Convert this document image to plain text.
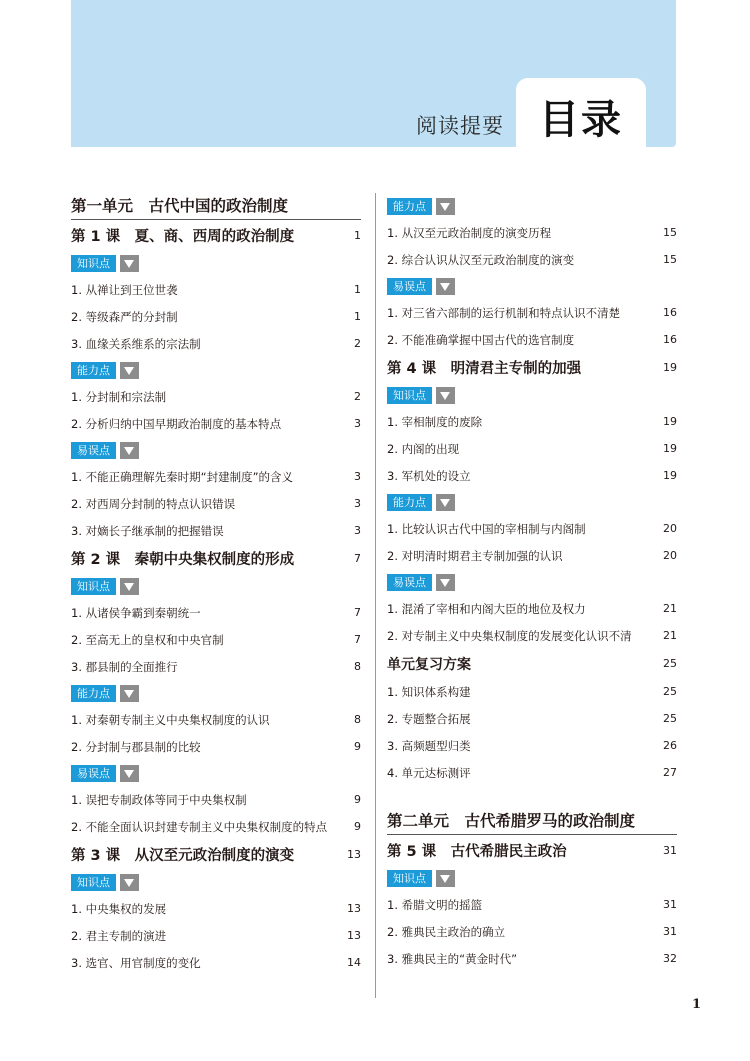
阅读提要 目录
第一单元　古代中国的政治制度
第 1 课　夏、商、西周的政治制度	1
知识点
1. 从禅让到王位世袭	1
2. 等级森严的分封制	1
3. 血缘关系维系的宗法制	2
能力点
1. 分封制和宗法制	2
2. 分析归纳中国早期政治制度的基本特点	3
易误点
1. 不能正确理解先秦时期“封建制度”的含义	3
2. 对西周分封制的特点认识错误	3
3. 对嫡长子继承制的把握错误	3
第 2 课　秦朝中央集权制度的形成	7
知识点
1. 从诸侯争霸到秦朝统一	7
2. 至高无上的皇权和中央官制	7
3. 郡县制的全面推行	8
能力点
1. 对秦朝专制主义中央集权制度的认识	8
2. 分封制与郡县制的比较	9
易误点
1. 误把专制政体等同于中央集权制	9
2. 不能全面认识封建专制主义中央集权制度的特点 9
第 3 课　从汉至元政治制度的演变	13
知识点
1. 中央集权的发展	13
2. 君主专制的演进	13
3. 选官、用官制度的变化	14
能力点
1. 从汉至元政治制度的演变历程	15
2. 综合认识从汉至元政治制度的演变	15
易误点
1. 对三省六部制的运行机制和特点认识不清楚	16
2. 不能准确掌握中国古代的选官制度	16
第 4 课　明清君主专制的加强	19
知识点
1. 宰相制度的废除	19
2. 内阁的出现	19
3. 军机处的设立	19
能力点
1. 比较认识古代中国的宰相制与内阁制	20
2. 对明清时期君主专制加强的认识	20
易误点
1. 混淆了宰相和内阁大臣的地位及权力	21
2. 对专制主义中央集权制度的发展变化认识不清	21
单元复习方案	25
1. 知识体系构建	25
2. 专题整合拓展	25
3. 高频题型归类	26
4. 单元达标测评	27
第二单元　古代希腊罗马的政治制度
第 5 课　古代希腊民主政治	31
知识点
1. 希腊文明的摇篮	31
2. 雅典民主政治的确立	31
3. 雅典民主的“黄金时代”	32
1
